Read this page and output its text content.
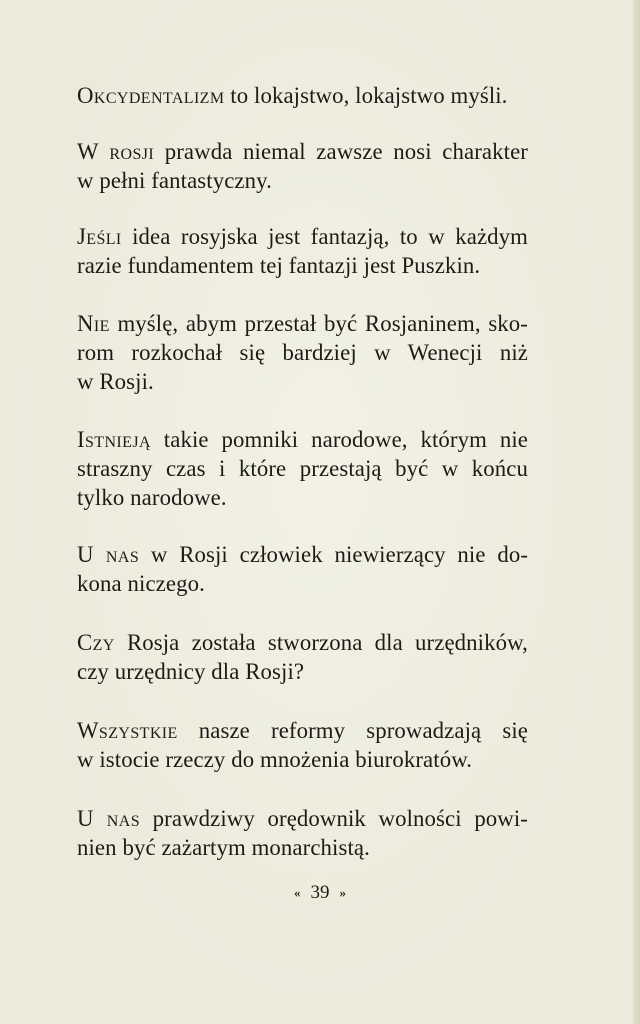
Okcydentalizm to lokajstwo, lokajstwo myśli.

W rosji prawda niemal zawsze nosi charakter
w pełni fantastyczny.

Jeśli idea rosyjska jest fantazją, to w każdym
razie fundamentem tej fantazji jest Puszkin.

Nie myślę, abym przestał być Rosjaninem, sko-
rom rozkochał się bardziej w Wenecji niż
w Rosji.

Istnieją takie pomniki narodowe, którym nie
straszny czas i które przestają być w końcu
tylko narodowe.

U nas w Rosji człowiek niewierzący nie do-
kona niczego.

Czy Rosja została stworzona dla urzędników,
czy urzędnicy dla Rosji?

Wszystkie nasze reformy sprowadzają się
w istocie rzeczy do mnożenia biurokratów.

U nas prawdziwy orędownik wolności powi-
nien być zażartym monarchistą.

« 39 »
